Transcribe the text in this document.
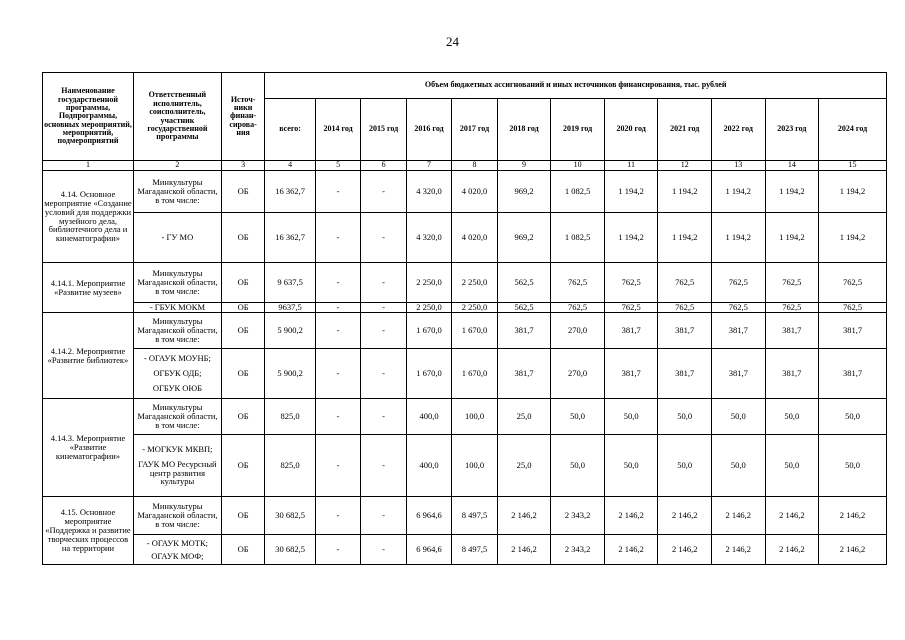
24
Наименование государственной программы, Подпрограммы, основных мероприятий, мероприятий, подмероприятий	Ответственный исполнитель, соисполнитель, участник государственной программы	Источ-ники финан-сирова-ния	Объем бюджетных ассигнований и иных источников финансирования, тыс. рублей											
			всего:	2014 год	2015 год	2016 год	2017 год	2018 год	2019 год	2020 год	2021 год	2022 год	2023 год	2024 год
1	2	3	4	5	6	7	8	9	10	11	12	13	14	15
4.14. Основное мероприятие «Создание условий для поддержки музейного дела, библиотечного дела и кинематографии»	Минкультуры Магаданской области, в том числе:	ОБ	16 362,7	-	-	4 320,0	4 020,0	969,2	1 082,5	1 194,2	1 194,2	1 194,2	1 194,2	1 194,2
	- ГУ МО	ОБ	16 362,7	-	-	4 320,0	4 020,0	969,2	1 082,5	1 194,2	1 194,2	1 194,2	1 194,2	1 194,2
4.14.1. Мероприятие «Развитие музеев»	Минкультуры Магаданской области, в том числе:	ОБ	9 637,5	-	-	2 250,0	2 250,0	562,5	762,5	762,5	762,5	762,5	762,5	762,5
	- ГБУК МОКМ	ОБ	9637,5	-	-	2 250,0	2 250,0	562,5	762,5	762,5	762,5	762,5	762,5	762,5
4.14.2. Мероприятие «Развитие библиотек»	Минкультуры Магаданской области, в том числе:	ОБ	5 900,2	-	-	1 670,0	1 670,0	381,7	270,0	381,7	381,7	381,7	381,7	381,7

	- ОГАУК МОУНБ;
ОГБУК ОДБ;
ОГБУК ОЮБ	ОБ	5 900,2	-	-	1 670,0	1 670,0	381,7	270,0	381,7	381,7	381,7	381,7	381,7
4.14.3. Мероприятие «Развитие кинематографии»	Минкультуры Магаданской области, в том числе:	ОБ	825,0	-	-	400,0	100,0	25,0	50,0	50,0	50,0	50,0	50,0	50,0

	- МОГКУК МКВП;
ГАУК МО Ресурсный центр развития культуры	ОБ	825,0	-	-	400,0	100,0	25,0	50,0	50,0	50,0	50,0	50,0	50,0
4.15. Основное мероприятие «Поддержка и развитие творческих процессов на территории	Минкультуры Магаданской области, в том числе:	ОБ	30 682,5	-	-	6 964,6	8 497,5	2 146,2	2 343,2	2 146,2	2 146,2	2 146,2	2 146,2	2 146,2

	- ОГАУК МОТК;
ОГАУК МОФ;	ОБ	30 682,5	-	-	6 964,6	8 497,5	2 146,2	2 343,2	2 146,2	2 146,2	2 146,2	2 146,2	2 146,2
